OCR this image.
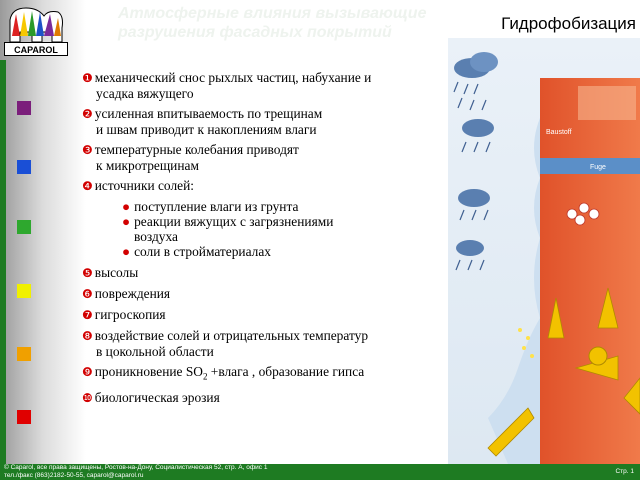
CAPAROL
Атмосферные влияния вызывающие разрушения фасадных покрытий	Гидрофобизация
❶ механический снос рыхлых частиц, набухание и
усадка вяжущего
❷ усиленная впитываемость по трещинам
и швам приводит к накоплениям влаги
❸ температурные колебания приводят
к микротрещинам
❹ источники солей:
● поступление влаги из грунта
● реакции вяжущих с загрязнениями
воздуха
● соли в стройматериалах
❺ высолы
❻ повреждения
❼ гигроскопия
❽ воздействие солей и отрицательных температур
в цокольной области
❾ проникновение $SO_2$ +влага , образование гипса
❿ биологическая эрозия
Fuge
Baustoff
© Caparol, все права защищены, Ростов-на-Дону, Социалистическая 52, стр. А, офис 1
тел./факс (863)2182-50-55, caparol@caparol.ru
Стр. 1
